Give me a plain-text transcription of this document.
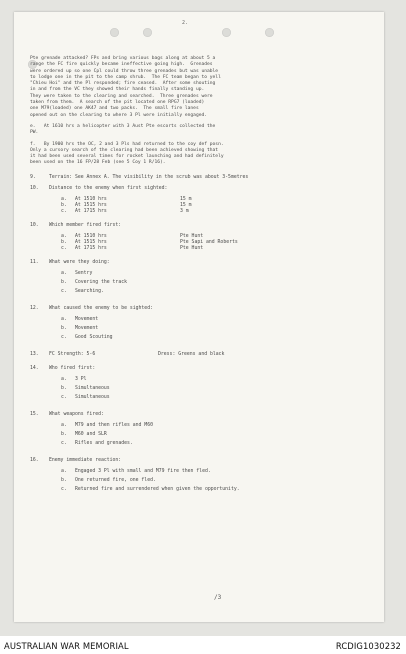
2.

Pte grenade attacked? FPs and bring various bags along at about 5 a

range the FC fire quickly became ineffective going high.  Grenades

were ordered up so one Cpl could throw three grenades but was unable

to lodge one in the pit to the camp shrub.  The FC team began to yell

"Chieu Hoi" and the Pl responded; fire ceased.  After some shouting

in and from the VC they showed their hands finally standing up.

They were taken to the clearing and searched.  Three grenades were

taken from them.  A search of the pit located one RPG7 (loaded)

one M79(loaded) one AK47 and two packs.  The small fire lanes

opened out on the clearing to where 3 Pl were initially engaged.

e.   At 1610 hrs a helicopter with 3 Aust Pte escorts collected the

PW.

f.   By 1900 hrs the OC, 2 and 3 Pls had returned to the coy def posn.

Only a cursory search of the clearing had been achieved showing that

it had been used several times for rocket launching and had definitely

been used on the 16 FP/28 Feb (see 5 Coy 1 R/16).

9.	Terrain: See Annex A. The visibility in the scrub was about 3-5metres
10.	Distance to the enemy when first sighted:
a.	At 1510 hrs	15 m
b.	At 1515 hrs	15 m
c.	At 1715 hrs	3 m
10.	Which member fired first:
a.	At 1510 hrs	Pte Hunt
b.	At 1515 hrs	Pte Sapi and Roberts
c.	At 1715 hrs	Pte Hunt
11.	What were they doing:
a.	Sentry
b.	Covering the track
c.	Searching.
12.	What caused the enemy to be sighted:
a.	Movement
b.	Movement
c.	Good Scouting
13.	FC Strength: 5-6	Dress: Greens and black
14.	Who fired first:
a.	3 Pl
b.	Simultaneous
c.	Simultaneous
15.	What weapons fired:
a.	M79 and then rifles and M60
b.	M60 and SLR
c.	Rifles and grenades.
16.	Enemy immediate reaction:
a.	Engaged 3 Pl with small and M79 fire then fled.
b.	One returned fire, one fled.
c.	Returned fire and surrendered when given the opportunity.
/3
AUSTRALIAN WAR MEMORIAL	RCDIG1030232
